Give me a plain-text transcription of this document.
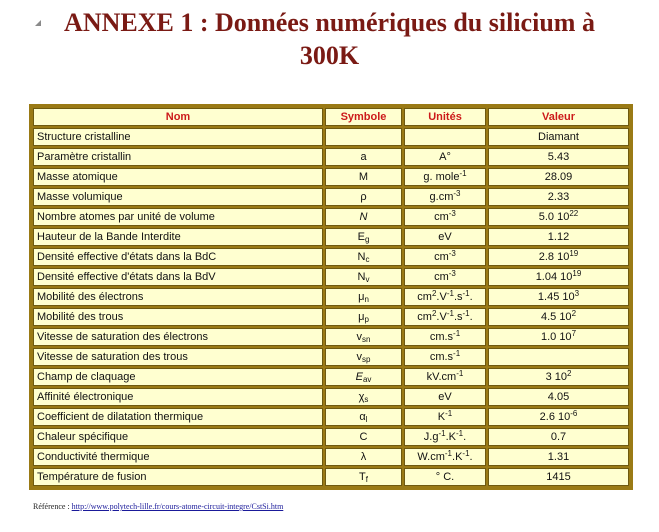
ANNEXE 1 : Données numériques du silicium à
300K
Nom	Symbole	Unités	Valeur
Structure cristalline			Diamant
Paramètre cristallin	a	A°	5.43
Masse atomique	M	g. mole$^{-1}$	28.09
Masse volumique	ρ	$g.cm^{-3}$	2.33
Nombre atomes par unité de volume	N	$cm^{-3}$	5.0 $10^{22}$
Hauteur de la Bande Interdite	$E_g$	eV	1.12
Densité effective d'états dans la BdC	$N_c$	$cm^{-3}$	2.8 $10^{19}$
Densité effective d'états dans la BdV	$N_v$	$cm^{-3}$	1.04 $10^{19}$
Mobilité des électrons	$\mu_n$	$cm^2.V^{-1}.s^{-1}$.	1.45 $10^3$
Mobilité des trous	$\mu_p$	$cm^2.V^{-1}.s^{-1}$.	4.5 $10^2$
Vitesse de saturation des électrons	$v_{sn}$	$cm.s^{-1}$	1.0 $10^7$
Vitesse de saturation des trous	$v_{sp}$	$cm.s^{-1}$	
Champ de claquage	$E_{av}$	$kV.cm^{-1}$	3 $10^2$
Affinité électronique	$\chi_s$	eV	4.05
Coefficient de dilatation thermique	$\alpha_l$	$K^{-1}$	2.6 $10^{-6}$
Chaleur spécifique	C	$J.g^{-1}.K^{-1}$.	0.7
Conductivité thermique	λ	$W.cm^{-1}.K^{-1}$.	1.31
Température de fusion	$T_f$	° C.	1415
Référence : http://www.polytech-lille.fr/cours-atome-circuit-integre/CstSi.htm
